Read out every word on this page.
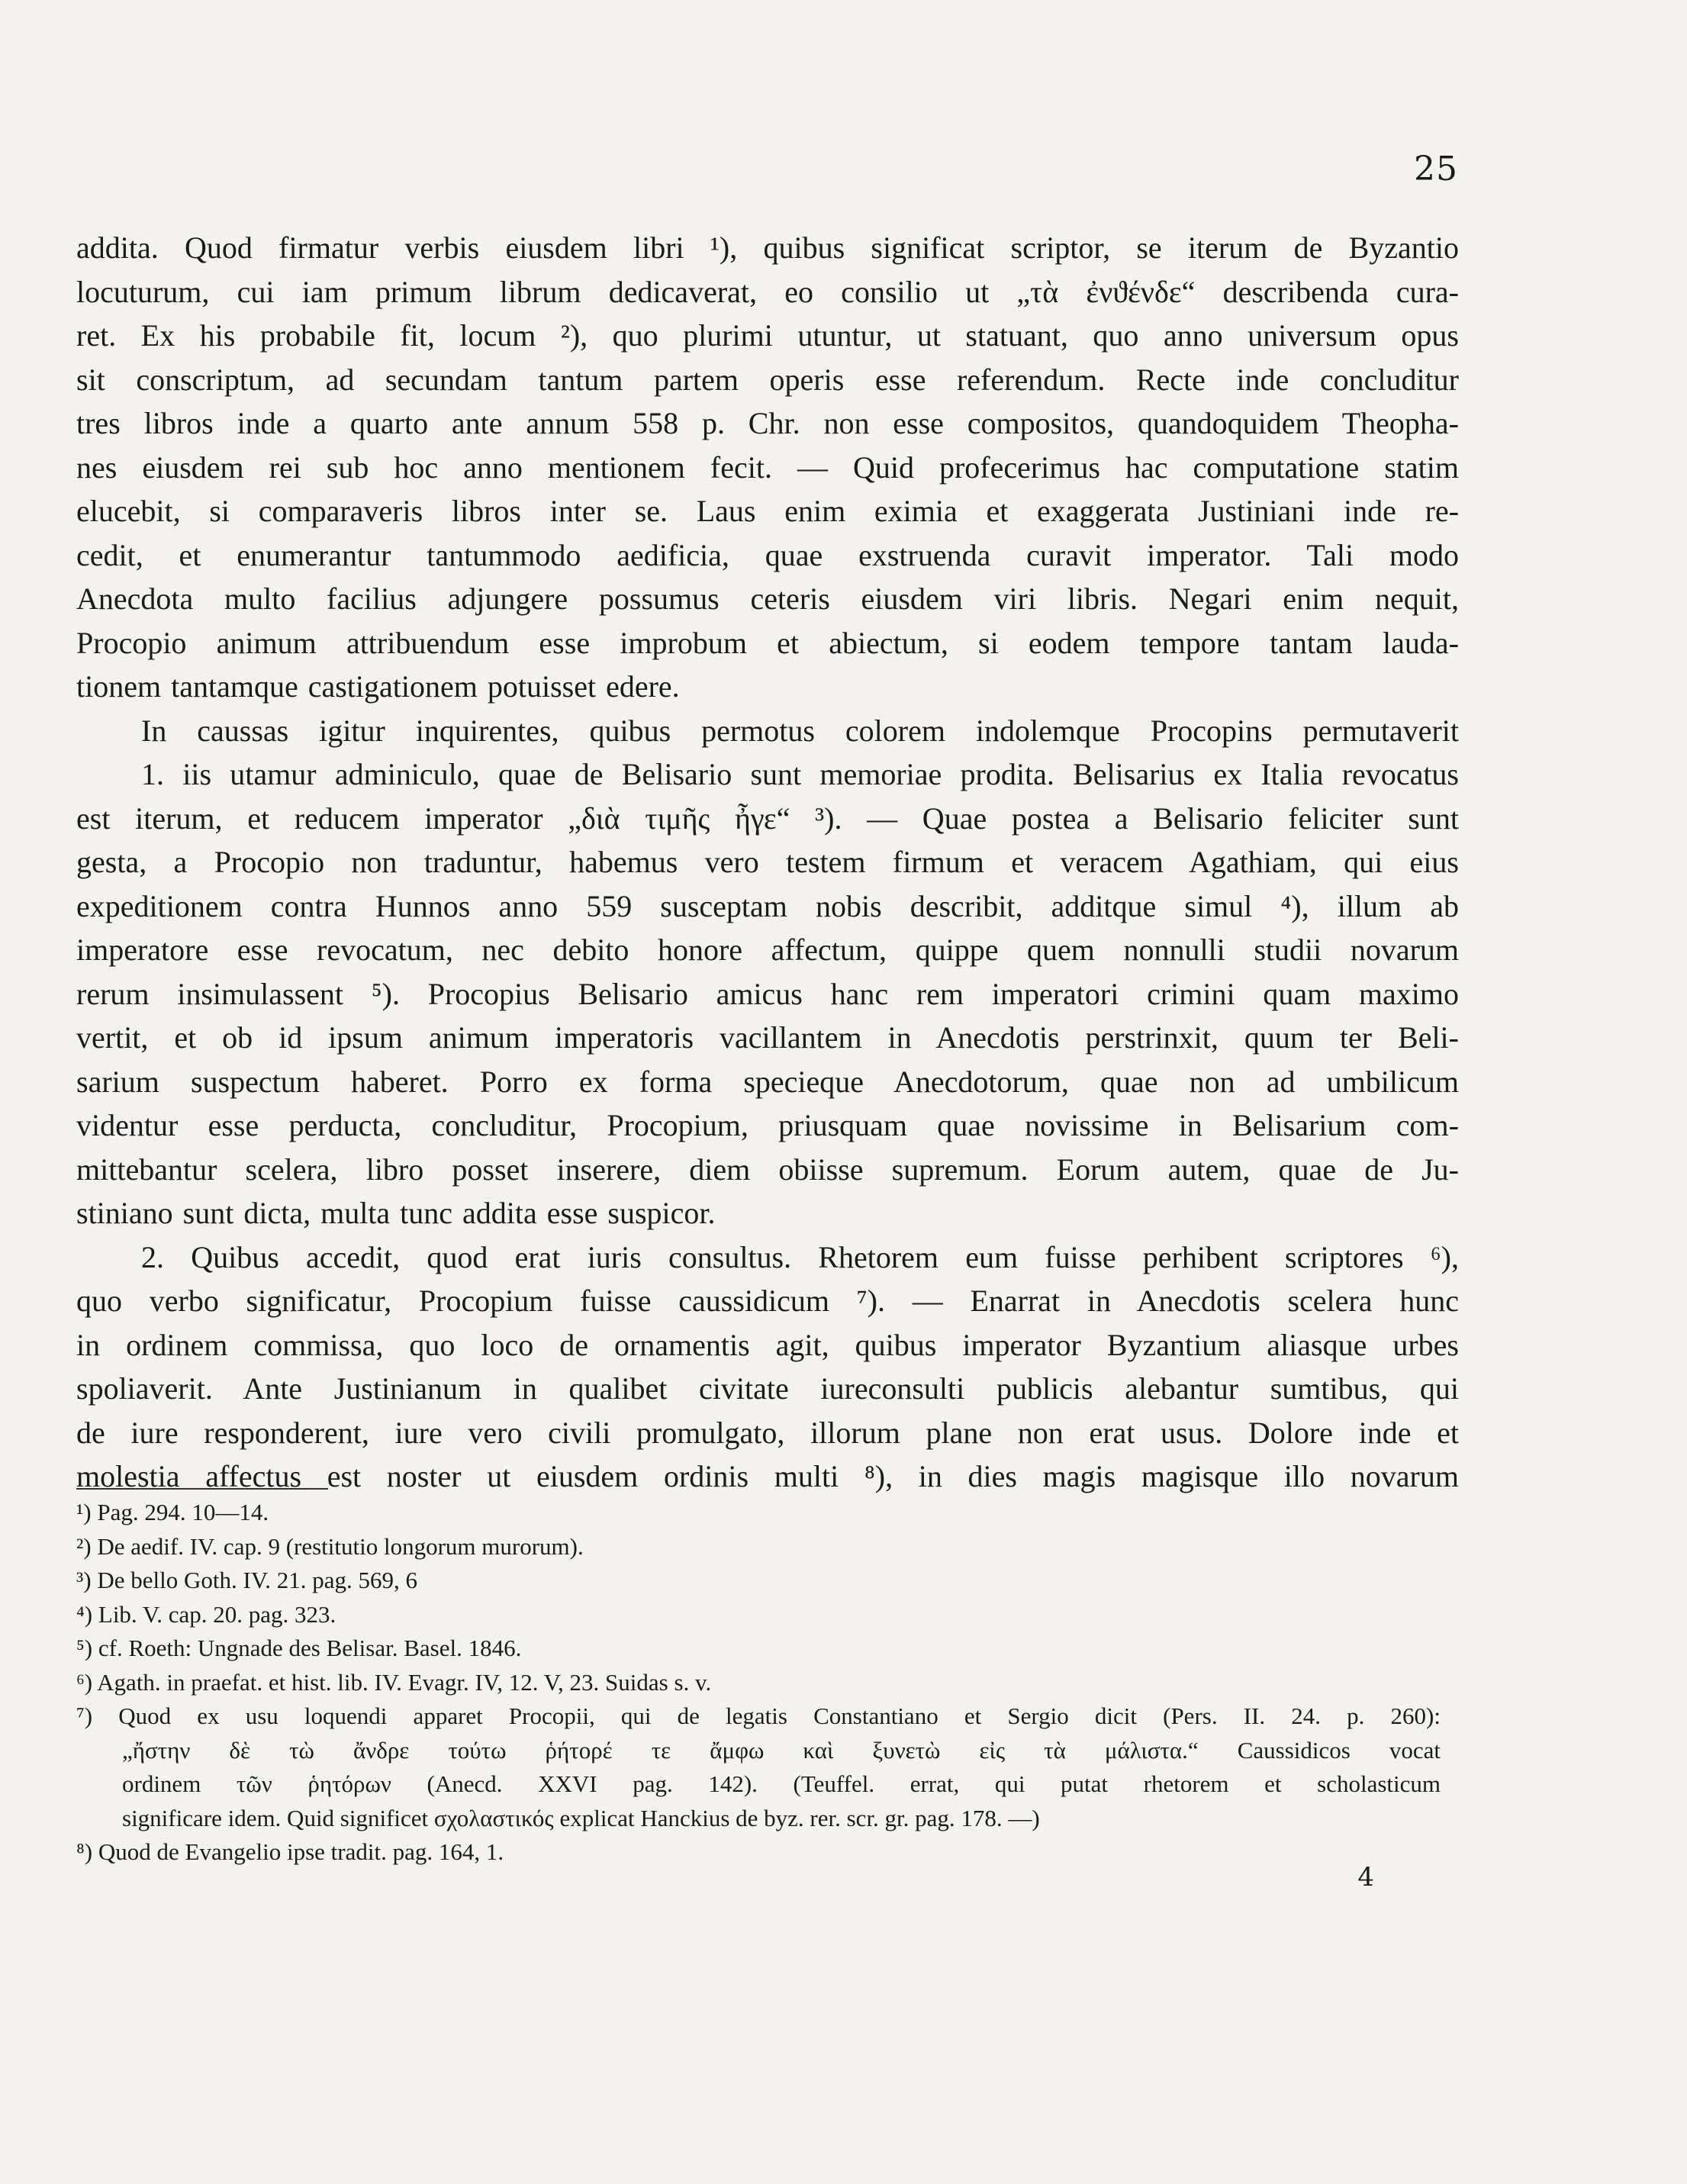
25
addita. Quod firmatur verbis eiusdem libri ¹), quibus significat scriptor, se iterum de Byzantio
locuturum, cui iam primum librum dedicaverat, eo consilio ut „τὰ ἐνϑένδε“ describenda cura-
ret. Ex his probabile fit, locum ²), quo plurimi utuntur, ut statuant, quo anno universum opus
sit conscriptum, ad secundam tantum partem operis esse referendum. Recte inde concluditur
tres libros inde a quarto ante annum 558 p. Chr. non esse compositos, quandoquidem Theopha-
nes eiusdem rei sub hoc anno mentionem fecit. — Quid profecerimus hac computatione statim
elucebit, si comparaveris libros inter se. Laus enim eximia et exaggerata Justiniani inde re-
cedit, et enumerantur tantummodo aedificia, quae exstruenda curavit imperator. Tali modo
Anecdota multo facilius adjungere possumus ceteris eiusdem viri libris. Negari enim nequit,
Procopio animum attribuendum esse improbum et abiectum, si eodem tempore tantam lauda-
tionem tantamque castigationem potuisset edere.
In caussas igitur inquirentes, quibus permotus colorem indolemque Procopins permutaverit
1. iis utamur adminiculo, quae de Belisario sunt memoriae prodita. Belisarius ex Italia revocatus
est iterum, et reducem imperator „διὰ τιμῆς ἦγε“ ³). — Quae postea a Belisario feliciter sunt
gesta, a Procopio non traduntur, habemus vero testem firmum et veracem Agathiam, qui eius
expeditionem contra Hunnos anno 559 susceptam nobis describit, additque simul ⁴), illum ab
imperatore esse revocatum, nec debito honore affectum, quippe quem nonnulli studii novarum
rerum insimulassent ⁵). Procopius Belisario amicus hanc rem imperatori crimini quam maximo
vertit, et ob id ipsum animum imperatoris vacillantem in Anecdotis perstrinxit, quum ter Beli-
sarium suspectum haberet. Porro ex forma specieque Anecdotorum, quae non ad umbilicum
videntur esse perducta, concluditur, Procopium, priusquam quae novissime in Belisarium com-
mittebantur scelera, libro posset inserere, diem obiisse supremum. Eorum autem, quae de Ju-
stiniano sunt dicta, multa tunc addita esse suspicor.
2. Quibus accedit, quod erat iuris consultus. Rhetorem eum fuisse perhibent scriptores ⁶),
quo verbo significatur, Procopium fuisse caussidicum ⁷). — Enarrat in Anecdotis scelera hunc
in ordinem commissa, quo loco de ornamentis agit, quibus imperator Byzantium aliasque urbes
spoliaverit. Ante Justinianum in qualibet civitate iureconsulti publicis alebantur sumtibus, qui
de iure responderent, iure vero civili promulgato, illorum plane non erat usus. Dolore inde et
molestia affectus est noster ut eiusdem ordinis multi ⁸), in dies magis magisque illo novarum
¹) Pag. 294. 10—14.
²) De aedif. IV. cap. 9 (restitutio longorum murorum).
³) De bello Goth. IV. 21. pag. 569, 6
⁴) Lib. V. cap. 20. pag. 323.
⁵) cf. Roeth: Ungnade des Belisar. Basel. 1846.
⁶) Agath. in praefat. et hist. lib. IV. Evagr. IV, 12. V, 23. Suidas s. v.
⁷) Quod ex usu loquendi apparet Procopii, qui de legatis Constantiano et Sergio dicit (Pers. II. 24. p. 260):
„ἤστην δὲ τὼ ἄνδρε τούτω ῥήτορέ τε ἄμφω καὶ ξυνετὼ εἰς τὰ μάλιστα.“ Caussidicos vocat
ordinem τῶν ῥητόρων (Anecd. XXVI pag. 142). (Teuffel. errat, qui putat rhetorem et scholasticum
significare idem. Quid significet σχολαστικός explicat Hanckius de byz. rer. scr. gr. pag. 178. —)
⁸) Quod de Evangelio ipse tradit. pag. 164, 1.
4
